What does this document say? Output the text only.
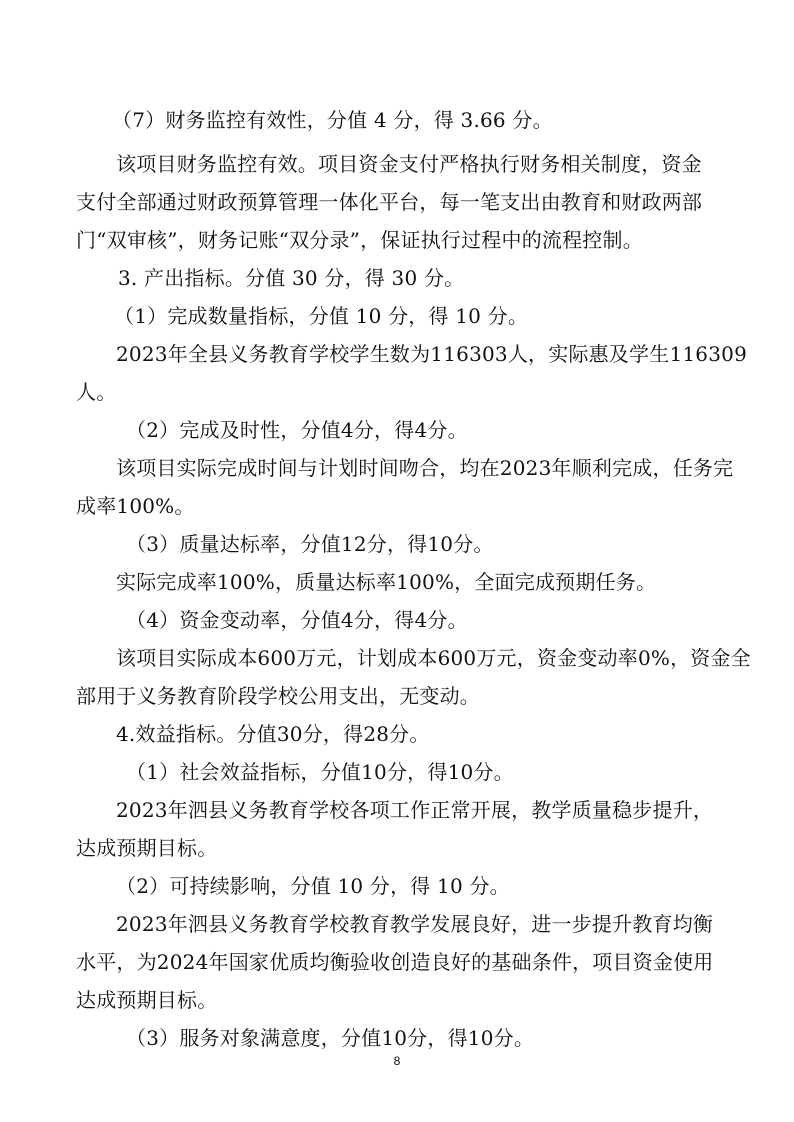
（7）财务监控有效性，分值 4 分，得 3.66 分。
该项目财务监控有效。项目资金支付严格执行财务相关制度，资金
支付全部通过财政预算管理一体化平台，每一笔支出由教育和财政两部
门“双审核”，财务记账“双分录”，保证执行过程中的流程控制。
3. 产出指标。分值 30 分，得 30 分。
（1）完成数量指标，分值 10 分，得 10 分。
2023年全县义务教育学校学生数为116303人，实际惠及学生116309
人。
（2）完成及时性，分值4分，得4分。
该项目实际完成时间与计划时间吻合，均在2023年顺利完成，任务完
成率100%。
（3）质量达标率，分值12分，得10分。
实际完成率100%，质量达标率100%，全面完成预期任务。
（4）资金变动率，分值4分，得4分。
该项目实际成本600万元，计划成本600万元，资金变动率0%，资金全
部用于义务教育阶段学校公用支出，无变动。
4.效益指标。分值30分，得28分。
（1）社会效益指标，分值10分，得10分。
2023年泗县义务教育学校各项工作正常开展，教学质量稳步提升，
达成预期目标。
（2）可持续影响，分值 10 分，得 10 分。
2023年泗县义务教育学校教育教学发展良好，进一步提升教育均衡
水平，为2024年国家优质均衡验收创造良好的基础条件，项目资金使用
达成预期目标。
（3）服务对象满意度，分值10分，得10分。
8
